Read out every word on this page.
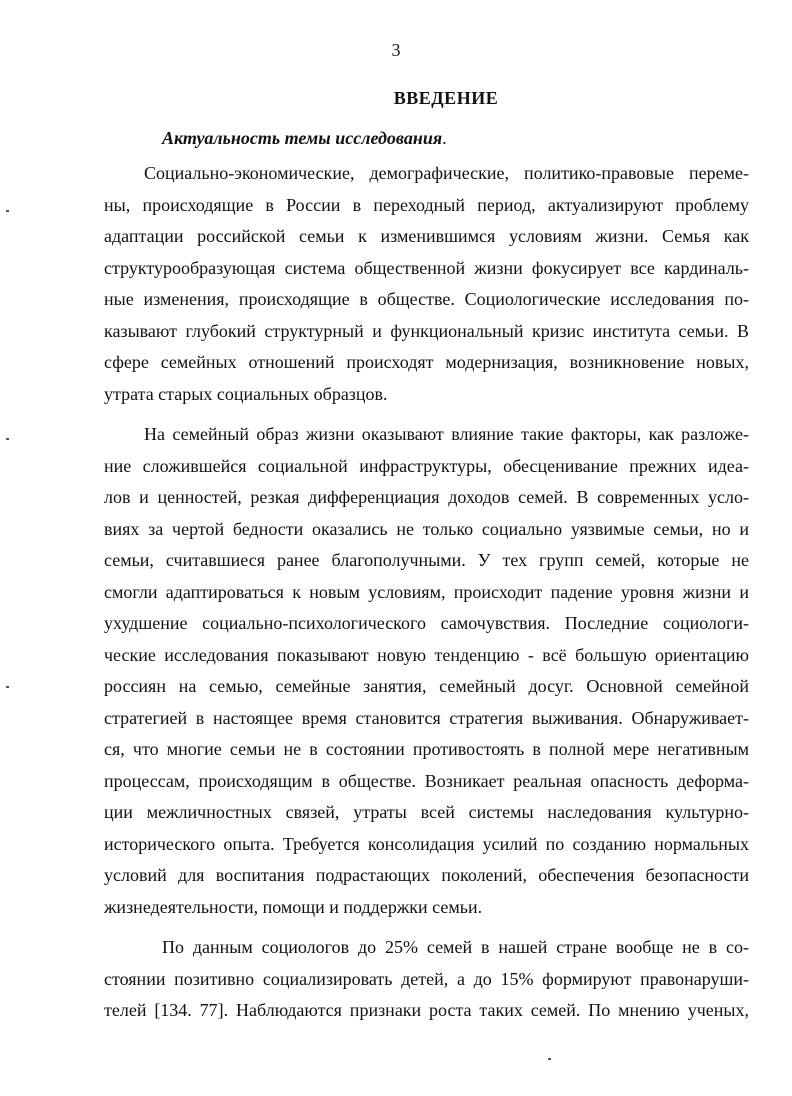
3
ВВЕДЕНИЕ
Актуальность темы исследования.
Социально-экономические, демографические, политико-правовые переме-
ны, происходящие в России в переходный период, актуализируют проблему
адаптации российской семьи к изменившимся условиям жизни. Семья как
структурообразующая система общественной жизни фокусирует все кардиналь-
ные изменения, происходящие в обществе. Социологические исследования по-
казывают глубокий структурный и функциональный кризис института семьи. В
сфере семейных отношений происходят модернизация, возникновение новых,
утрата старых социальных образцов.
На семейный образ жизни оказывают влияние такие факторы, как разложе-
ние сложившейся социальной инфраструктуры, обесценивание прежних идеа-
лов и ценностей, резкая дифференциация доходов семей. В современных усло-
виях за чертой бедности оказались не только социально уязвимые семьи, но и
семьи, считавшиеся ранее благополучными. У тех групп семей, которые не
смогли адаптироваться к новым условиям, происходит падение уровня жизни и
ухудшение социально-психологического самочувствия. Последние социологи-
ческие исследования показывают новую тенденцию - всё большую ориентацию
россиян на семью, семейные занятия, семейный досуг. Основной семейной
стратегией в настоящее время становится стратегия выживания. Обнаруживает-
ся, что многие семьи не в состоянии противостоять в полной мере негативным
процессам, происходящим в обществе. Возникает реальная опасность деформа-
ции межличностных связей, утраты всей системы наследования культурно-
исторического опыта. Требуется консолидация усилий по созданию нормальных
условий для воспитания подрастающих поколений, обеспечения безопасности
жизнедеятельности, помощи и поддержки семьи.
По данным социологов до 25% семей в нашей стране вообще не в со-
стоянии позитивно социализировать детей, а до 15% формируют правонаруши-
телей [134. 77]. Наблюдаются признаки роста таких семей. По мнению ученых,
